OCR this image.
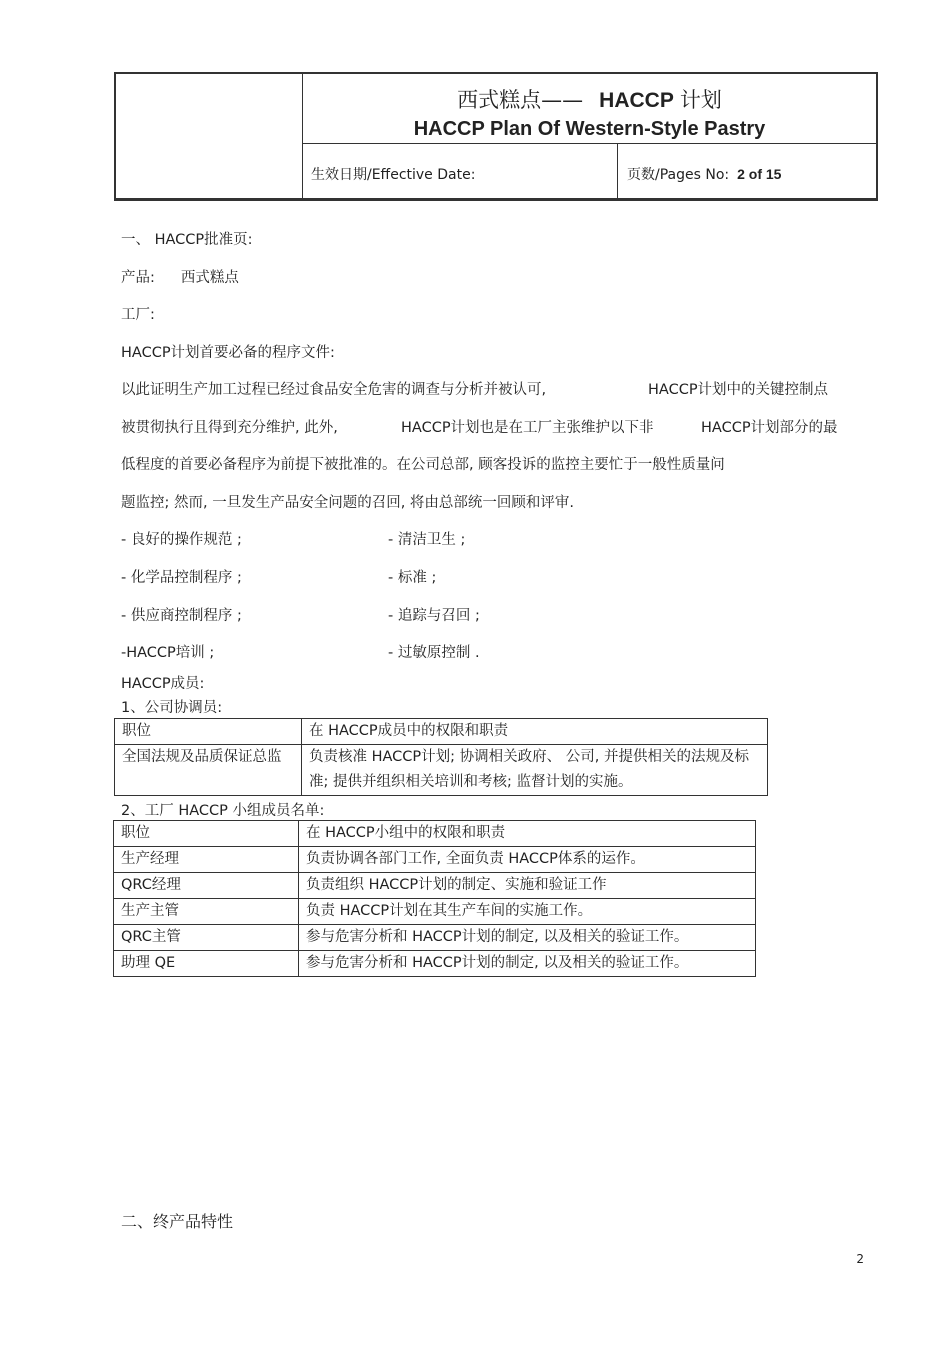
西式糕点—— HACCP 计划
HACCP Plan Of Western-Style Pastry
生效日期/Effective Date:	页数/Pages No: 2 of 15
一、 HACCP批准页:
产品: 西式糕点
工厂:
HACCP计划首要必备的程序文件:
以此证明生产加工过程已经过食品安全危害的调查与分析并被认可,	HACCP计划中的关键控制点
被贯彻执行且得到充分维护, 此外,	HACCP计划也是在工厂主张维护以下非	HACCP计划部分的最
低程度的首要必备程序为前提下被批准的。在公司总部, 顾客投诉的监控主要忙于一般性质量问
题监控; 然而, 一旦发生产品安全问题的召回, 将由总部统一回顾和评审.
- 良好的操作规范 ;	- 清洁卫生 ;
- 化学品控制程序 ;	- 标准 ;
- 供应商控制程序 ;	- 追踪与召回 ;
-HACCP培训 ;	- 过敏原控制 .
HACCP成员:
1、公司协调员:
职位	在 HACCP成员中的权限和职责
全国法规及品质保证总监	负责核准 HACCP计划; 协调相关政府、 公司, 并提供相关的法规及标准; 提供并组织相关培训和考核; 监督计划的实施。
2、工厂 HACCP 小组成员名单:
职位	在 HACCP小组中的权限和职责
生产经理	负责协调各部门工作, 全面负责 HACCP体系的运作。
QRC经理	负责组织 HACCP计划的制定、实施和验证工作
生产主管	负责 HACCP计划在其生产车间的实施工作。
QRC主管	参与危害分析和 HACCP计划的制定, 以及相关的验证工作。
助理 QE	参与危害分析和 HACCP计划的制定, 以及相关的验证工作。
二、终产品特性
2
